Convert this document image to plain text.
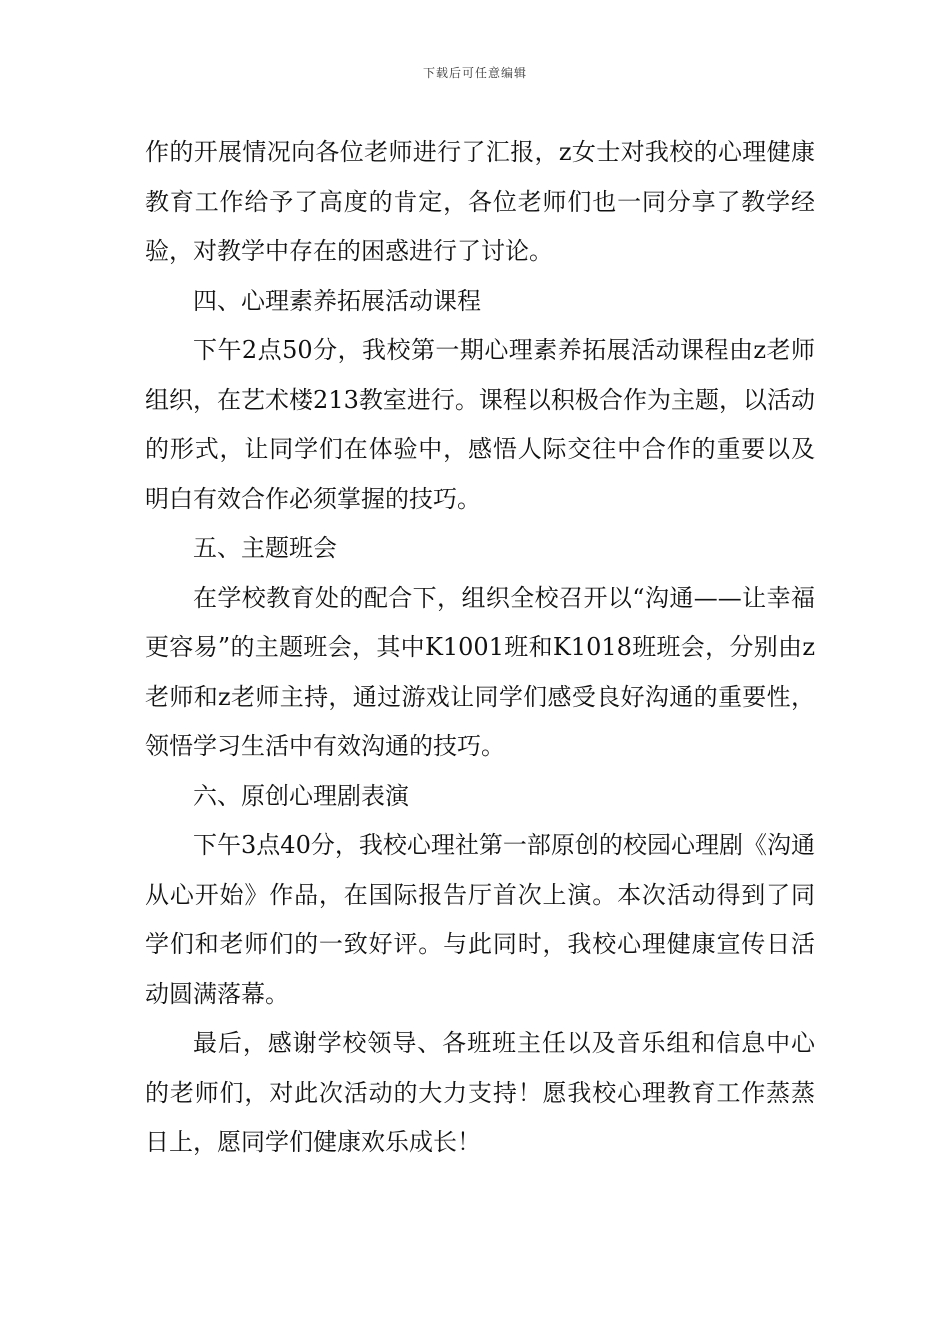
下载后可任意编辑

作的开展情况向各位老师进行了汇报，z女士对我校的心理健康教育工作给予了高度的肯定，各位老师们也一同分享了教学经验，对教学中存在的困惑进行了讨论。

四、心理素养拓展活动课程

下午2点50分，我校第一期心理素养拓展活动课程由z老师组织，在艺术楼213教室进行。课程以积极合作为主题，以活动的形式，让同学们在体验中，感悟人际交往中合作的重要以及明白有效合作必须掌握的技巧。

五、主题班会

在学校教育处的配合下，组织全校召开以“沟通——让幸福更容易”的主题班会，其中K1001班和K1018班班会，分别由z老师和z老师主持，通过游戏让同学们感受良好沟通的重要性，领悟学习生活中有效沟通的技巧。

六、原创心理剧表演

下午3点40分，我校心理社第一部原创的校园心理剧《沟通从心开始》作品，在国际报告厅首次上演。本次活动得到了同学们和老师们的一致好评。与此同时，我校心理健康宣传日活动圆满落幕。

最后，感谢学校领导、各班班主任以及音乐组和信息中心的老师们，对此次活动的大力支持！愿我校心理教育工作蒸蒸日上，愿同学们健康欢乐成长！
